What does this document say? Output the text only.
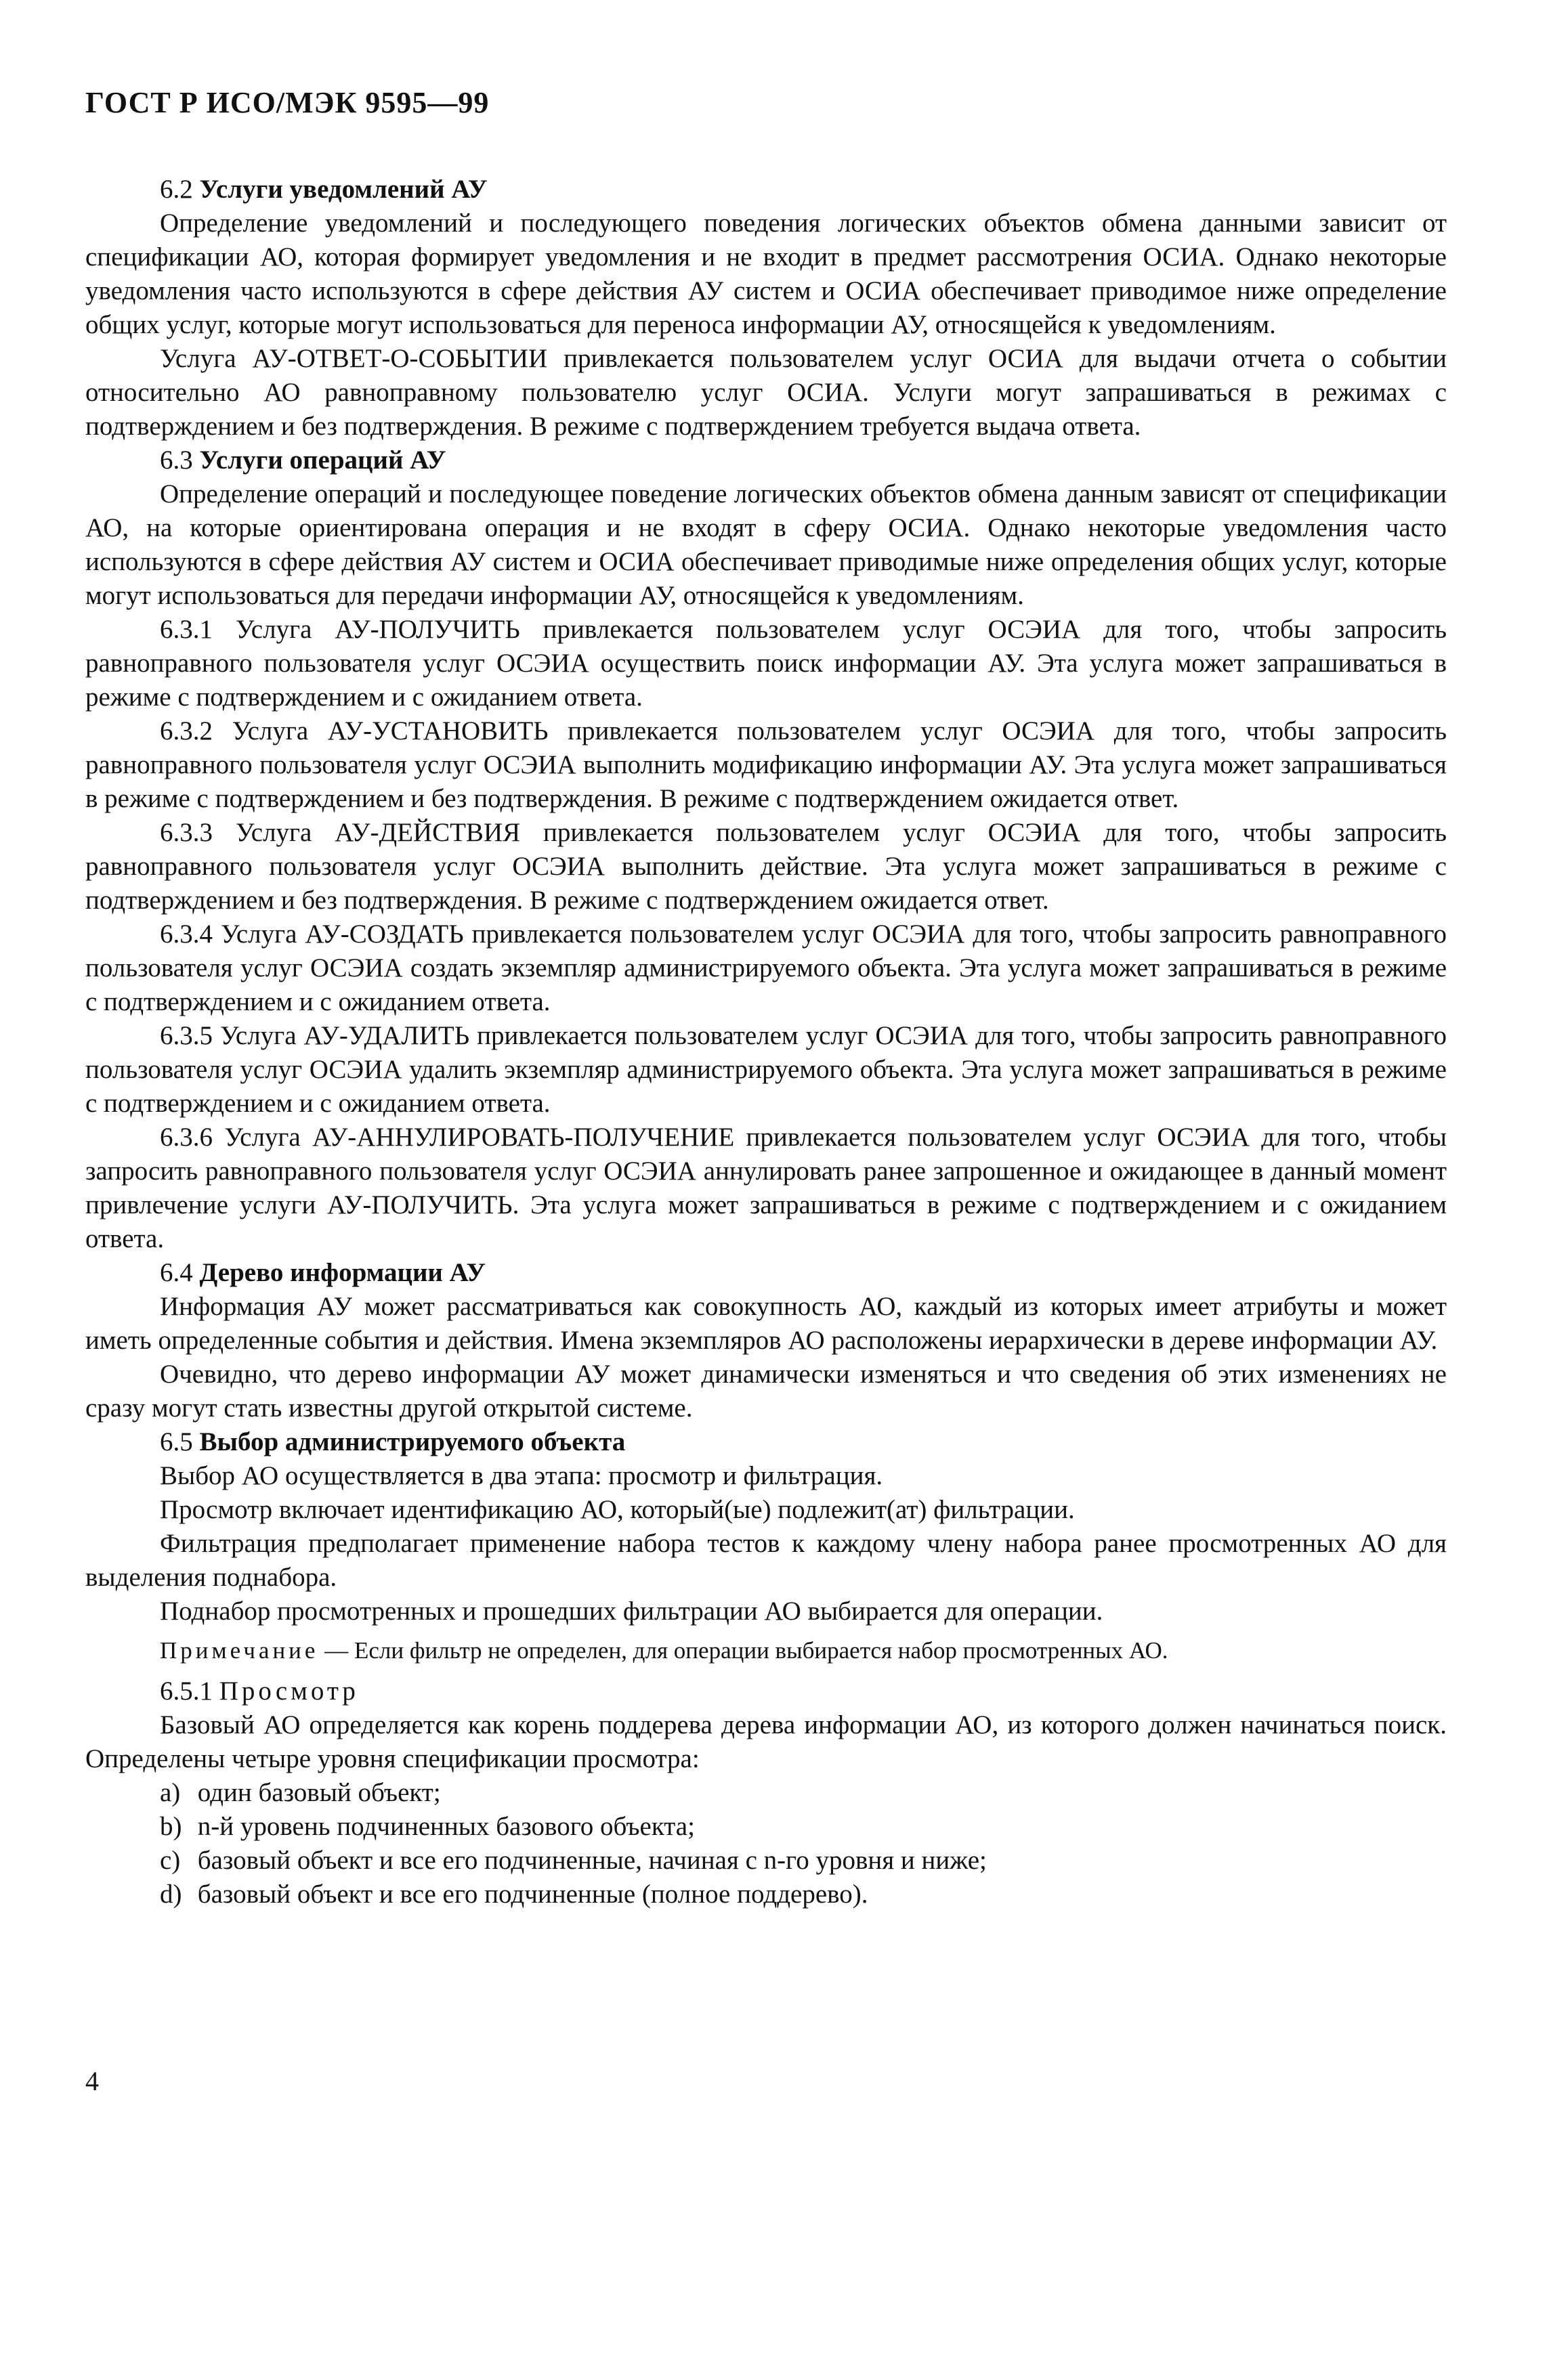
ГОСТ Р ИСО/МЭК 9595—99

6.2 Услуги уведомлений АУ

Определение уведомлений и последующего поведения логических объектов обмена данными зависит от спецификации АО, которая формирует уведомления и не входит в предмет рассмотрения ОСИА. Однако некоторые уведомления часто используются в сфере действия АУ систем и ОСИА обеспечивает приводимое ниже определение общих услуг, которые могут использоваться для переноса информации АУ, относящейся к уведомлениям.

Услуга АУ-ОТВЕТ-О-СОБЫТИИ привлекается пользователем услуг ОСИА для выдачи отчета о событии относительно АО равноправному пользователю услуг ОСИА. Услуги могут запрашиваться в режимах с подтверждением и без подтверждения. В режиме с подтверждением требуется выдача ответа.

6.3 Услуги операций АУ

Определение операций и последующее поведение логических объектов обмена данным зависят от спецификации АО, на которые ориентирована операция и не входят в сферу ОСИА. Однако некоторые уведомления часто используются в сфере действия АУ систем и ОСИА обеспечивает приводимые ниже определения общих услуг, которые могут использоваться для передачи информации АУ, относящейся к уведомлениям.

6.3.1 Услуга АУ-ПОЛУЧИТЬ привлекается пользователем услуг ОСЭИА для того, чтобы запросить равноправного пользователя услуг ОСЭИА осуществить поиск информации АУ. Эта услуга может запрашиваться в режиме с подтверждением и с ожиданием ответа.

6.3.2 Услуга АУ-УСТАНОВИТЬ привлекается пользователем услуг ОСЭИА для того, чтобы запросить равноправного пользователя услуг ОСЭИА выполнить модификацию информации АУ. Эта услуга может запрашиваться в режиме с подтверждением и без подтверждения. В режиме с подтверждением ожидается ответ.

6.3.3 Услуга АУ-ДЕЙСТВИЯ привлекается пользователем услуг ОСЭИА для того, чтобы запросить равноправного пользователя услуг ОСЭИА выполнить действие. Эта услуга может запрашиваться в режиме с подтверждением и без подтверждения. В режиме с подтверждением ожидается ответ.

6.3.4 Услуга АУ-СОЗДАТЬ привлекается пользователем услуг ОСЭИА для того, чтобы запросить равноправного пользователя услуг ОСЭИА создать экземпляр администрируемого объекта. Эта услуга может запрашиваться в режиме с подтверждением и с ожиданием ответа.

6.3.5 Услуга АУ-УДАЛИТЬ привлекается пользователем услуг ОСЭИА для того, чтобы запросить равноправного пользователя услуг ОСЭИА удалить экземпляр администрируемого объекта. Эта услуга может запрашиваться в режиме с подтверждением и с ожиданием ответа.

6.3.6 Услуга АУ-АННУЛИРОВАТЬ-ПОЛУЧЕНИЕ привлекается пользователем услуг ОСЭИА для того, чтобы запросить равноправного пользователя услуг ОСЭИА аннулировать ранее запрошенное и ожидающее в данный момент привлечение услуги АУ-ПОЛУЧИТЬ. Эта услуга может запрашиваться в режиме с подтверждением и с ожиданием ответа.

6.4 Дерево информации АУ

Информация АУ может рассматриваться как совокупность АО, каждый из которых имеет атрибуты и может иметь определенные события и действия. Имена экземпляров АО расположены иерархически в дереве информации АУ.

Очевидно, что дерево информации АУ может динамически изменяться и что сведения об этих изменениях не сразу могут стать известны другой открытой системе.

6.5 Выбор администрируемого объекта

Выбор АО осуществляется в два этапа: просмотр и фильтрация.

Просмотр включает идентификацию АО, который(ые) подлежит(ат) фильтрации.

Фильтрация предполагает применение набора тестов к каждому члену набора ранее просмотренных АО для выделения поднабора.

Поднабор просмотренных и прошедших фильтрации АО выбирается для операции.

Примечание — Если фильтр не определен, для операции выбирается набор просмотренных АО.

6.5.1 Просмотр

Базовый АО определяется как корень поддерева дерева информации АО, из которого должен начинаться поиск. Определены четыре уровня спецификации просмотра:

a) один базовый объект;
b) n-й уровень подчиненных базового объекта;
c) базовый объект и все его подчиненные, начиная с n-го уровня и ниже;
d) базовый объект и все его подчиненные (полное поддерево).
4
